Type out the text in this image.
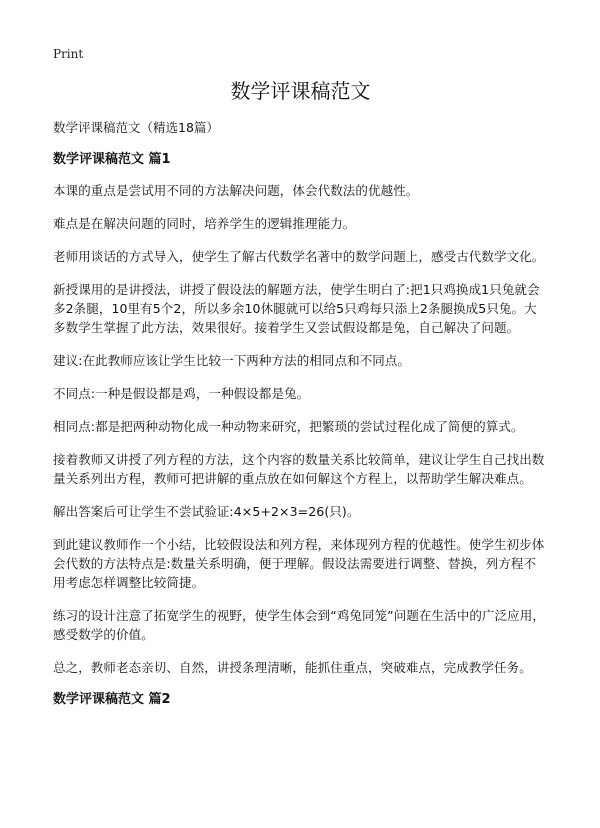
Print
数学评课稿范文
数学评课稿范文（精选18篇）
数学评课稿范文 篇1

本课的重点是尝试用不同的方法解决问题，体会代数法的优越性。

难点是在解决问题的同时，培养学生的逻辑推理能力。

老师用谈话的方式导入，使学生了解古代数学名著中的数学问题上，感受古代数学文化。

新授课用的是讲授法，讲授了假设法的解题方法，使学生明白了:把1只鸡换成1只兔就会多2条腿，10里有5个2，所以多余10休腿就可以给5只鸡每只添上2条腿换成5只兔。大多数学生掌握了此方法，效果很好。接着学生又尝试假设都是兔，自己解决了问题。

建议:在此教师应该让学生比较一下两种方法的相同点和不同点。

不同点:一种是假设都是鸡，一种假设都是兔。

相同点:都是把两种动物化成一种动物来研究，把繁琐的尝试过程化成了简便的算式。

接着教师又讲授了列方程的方法，这个内容的数量关系比较简单，建议让学生自己找出数量关系列出方程，教师可把讲解的重点放在如何解这个方程上，以帮助学生解决难点。

解出答案后可让学生不尝试验证:4×5+2×3=26(只)。

到此建议教师作一个小结，比较假设法和列方程，来体现列方程的优越性。使学生初步体会代数的方法特点是:数量关系明确，便于理解。假设法需要进行调整、替换，列方程不用考虑怎样调整比较简捷。

练习的设计注意了拓宽学生的视野，使学生体会到“鸡兔同笼”问题在生活中的广泛应用，感受数学的价值。

总之，教师老态亲切、自然，讲授条理清晰，能抓住重点，突破难点，完成教学任务。

数学评课稿范文 篇2
